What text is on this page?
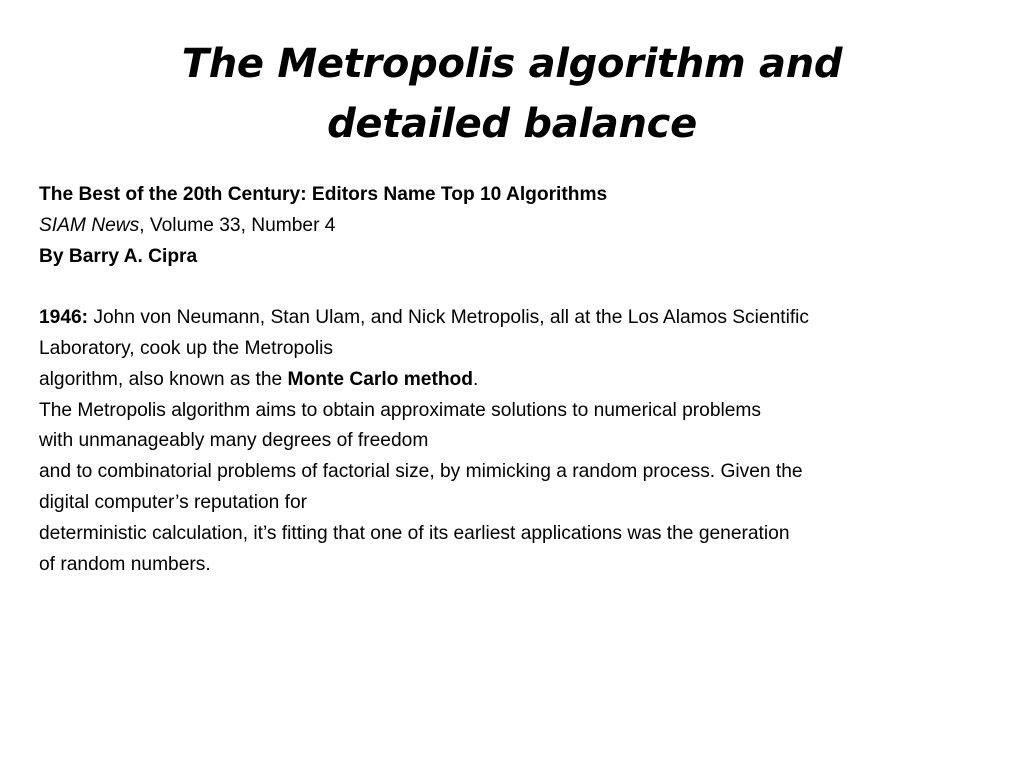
The Metropolis algorithm and
detailed balance
The Best of the 20th Century: Editors Name Top 10 Algorithms
SIAM News, Volume 33, Number 4
By Barry A. Cipra
1946: John von Neumann, Stan Ulam, and Nick Metropolis, all at the Los Alamos Scientific
Laboratory, cook up the Metropolis
algorithm, also known as the Monte Carlo method.
The Metropolis algorithm aims to obtain approximate solutions to numerical problems
with unmanageably many degrees of freedom
and to combinatorial problems of factorial size, by mimicking a random process. Given the
digital computer’s reputation for
deterministic calculation, it’s fitting that one of its earliest applications was the generation
of random numbers.
